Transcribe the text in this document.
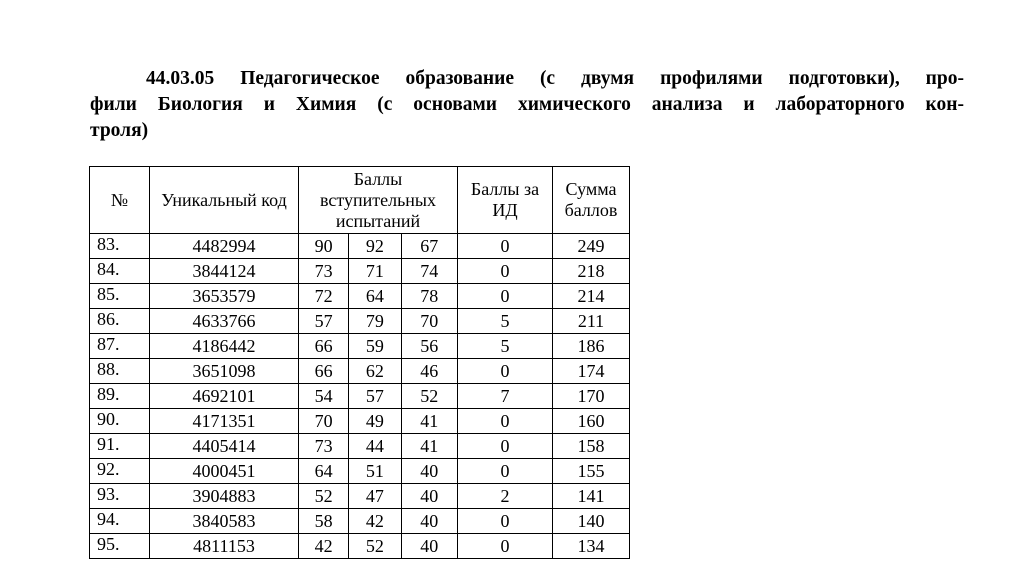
44.03.05 Педагогическое образование (с двумя профилями подготовки), про-
фили Биология и Химия (с основами химического анализа и лабораторного кон-
троля)
№	Уникальный код	Баллы вступительных испытаний			Баллы за ИД	Сумма баллов
83.	4482994	90	92	67	0	249
84.	3844124	73	71	74	0	218
85.	3653579	72	64	78	0	214
86.	4633766	57	79	70	5	211
87.	4186442	66	59	56	5	186
88.	3651098	66	62	46	0	174
89.	4692101	54	57	52	7	170
90.	4171351	70	49	41	0	160
91.	4405414	73	44	41	0	158
92.	4000451	64	51	40	0	155
93.	3904883	52	47	40	2	141
94.	3840583	58	42	40	0	140
95.	4811153	42	52	40	0	134
